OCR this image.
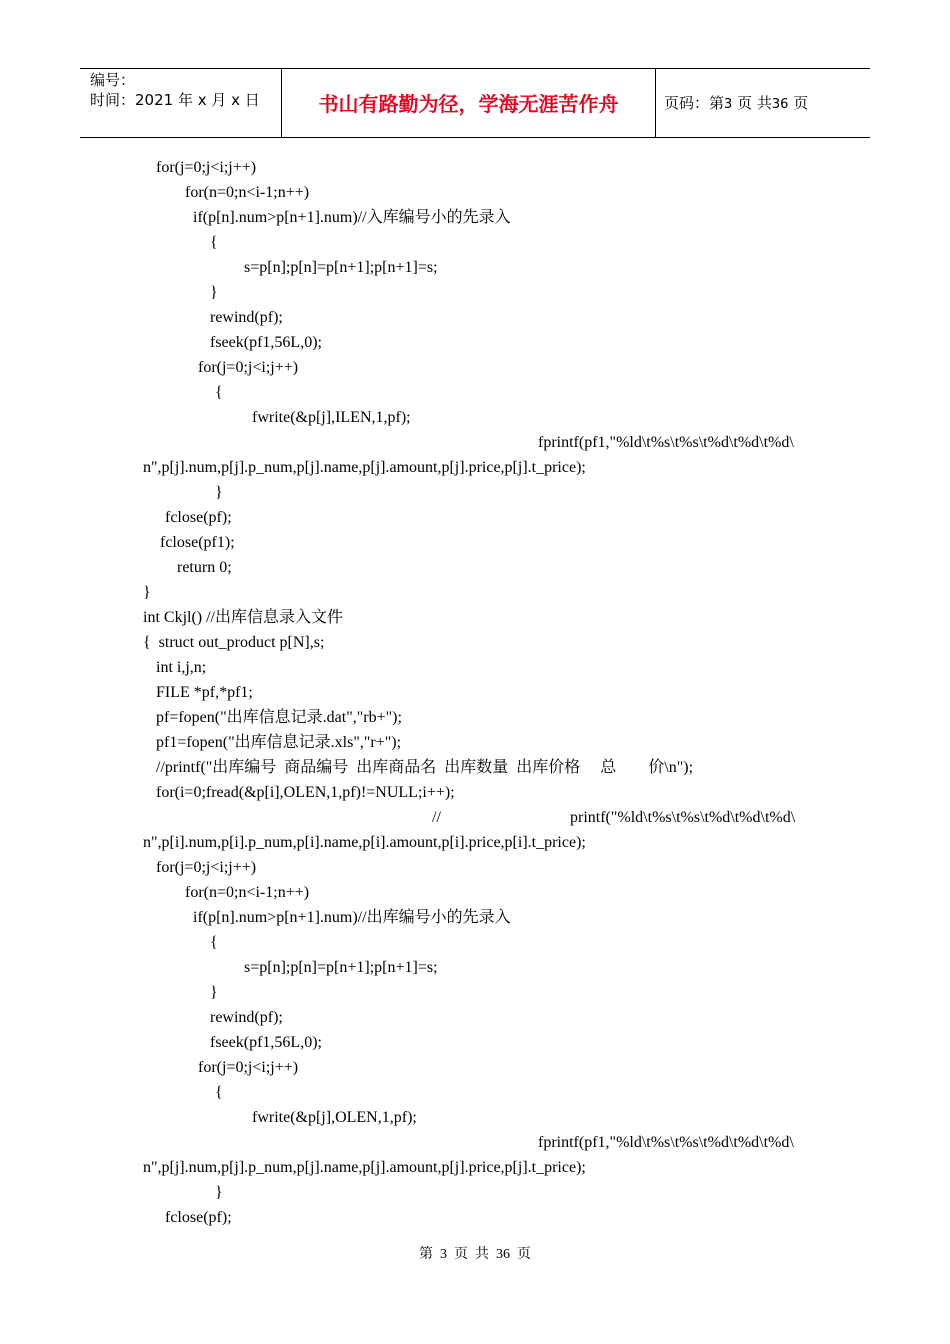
编号：
时间：2021 年 x 月 x 日	书山有路勤为径，学海无涯苦作舟	页码：第3 页 共36 页
for(j=0;j<i;j++)
for(n=0;n<i-1;n++)
if(p[n].num>p[n+1].num)//入库编号小的先录入
{
s=p[n];p[n]=p[n+1];p[n+1]=s;
}
rewind(pf);
fseek(pf1,56L,0);
for(j=0;j<i;j++)
{
fwrite(&p[j],ILEN,1,pf);
fprintf(pf1,"%ld\t%s\t%s\t%d\t%d\t%d\
n",p[j].num,p[j].p_num,p[j].name,p[j].amount,p[j].price,p[j].t_price);
}
fclose(pf);
fclose(pf1);
return 0;
}
int Ckjl() //出库信息录入文件
{  struct out_product p[N],s;
int i,j,n;
FILE *pf,*pf1;
pf=fopen("出库信息记录.dat","rb+");
pf1=fopen("出库信息记录.xls","r+");
//printf("出库编号  商品编号  出库商品名  出库数量  出库价格     总        价\n");
for(i=0;fread(&p[i],OLEN,1,pf)!=NULL;i++);
//	printf("%ld\t%s\t%s\t%d\t%d\t%d\
n",p[i].num,p[i].p_num,p[i].name,p[i].amount,p[i].price,p[i].t_price);
for(j=0;j<i;j++)
for(n=0;n<i-1;n++)
if(p[n].num>p[n+1].num)//出库编号小的先录入
{
s=p[n];p[n]=p[n+1];p[n+1]=s;
}
rewind(pf);
fseek(pf1,56L,0);
for(j=0;j<i;j++)
{
fwrite(&p[j],OLEN,1,pf);
fprintf(pf1,"%ld\t%s\t%s\t%d\t%d\t%d\
n",p[j].num,p[j].p_num,p[j].name,p[j].amount,p[j].price,p[j].t_price);
}
fclose(pf);
第 3 页 共 36 页
